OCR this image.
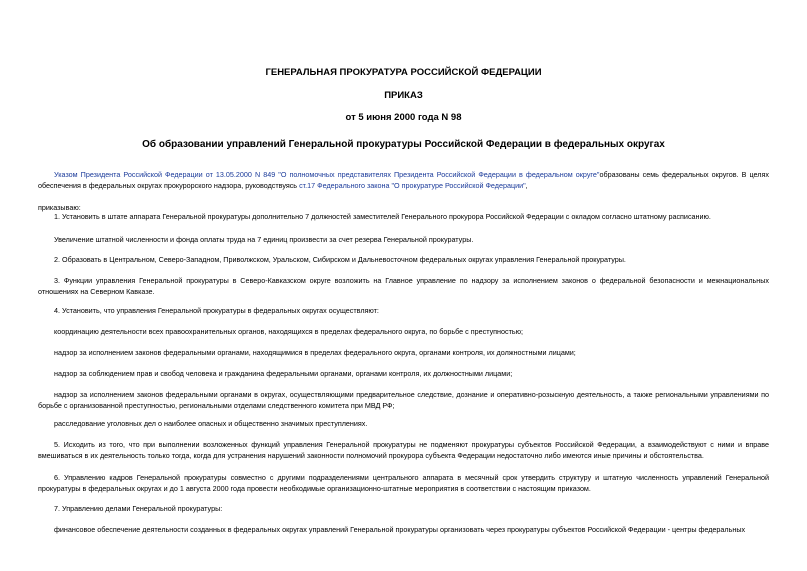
ГЕНЕРАЛЬНАЯ ПРОКУРАТУРА РОССИЙСКОЙ ФЕДЕРАЦИИ
ПРИКАЗ
от 5 июня 2000 года N 98
Об образовании управлений Генеральной прокуратуры Российской Федерации в федеральных округах
Указом Президента Российской Федерации от 13.05.2000 N 849 "О полномочных представителях Президента Российской Федерации в федеральном округе"образованы семь федеральных округов. В целях обеспечения в федеральных округах прокурорского надзора, руководствуясь ст.17 Федерального закона "О прокуратуре Российской Федерации",
приказываю:
1. Установить в штате аппарата Генеральной прокуратуры дополнительно 7 должностей заместителей Генерального прокурора Российской Федерации с окладом согласно штатному расписанию.
Увеличение штатной численности и фонда оплаты труда на 7 единиц произвести за счет резерва Генеральной прокуратуры.
2. Образовать в Центральном, Северо-Западном, Приволжском, Уральском, Сибирском и Дальневосточном федеральных округах управления Генеральной прокуратуры.
3. Функции управления Генеральной прокуратуры в Северо-Кавказском округе возложить на Главное управление по надзору за исполнением законов о федеральной безопасности и межнациональных отношениях на Северном Кавказе.
4. Установить, что управления Генеральной прокуратуры в федеральных округах осуществляют:
координацию деятельности всех правоохранительных органов, находящихся в пределах федерального округа, по борьбе с преступностью;
надзор за исполнением законов федеральными органами, находящимися в пределах федерального округа, органами контроля, их должностными лицами;
надзор за соблюдением прав и свобод человека и гражданина федеральными органами, органами контроля, их должностными лицами;
надзор за исполнением законов федеральными органами в округах, осуществляющими предварительное следствие, дознание и оперативно-розыскную деятельность, а также региональными управлениями по борьбе с организованной преступностью, региональными отделами следственного комитета при МВД РФ;
расследование уголовных дел о наиболее опасных и общественно значимых преступлениях.
5. Исходить из того, что при выполнении возложенных функций управления Генеральной прокуратуры не подменяют прокуратуры субъектов Российской Федерации, а взаимодействуют с ними и вправе вмешиваться в их деятельность только тогда, когда для устранения нарушений законности полномочий прокурора субъекта Федерации недостаточно либо имеются иные причины и обстоятельства.
6. Управлению кадров Генеральной прокуратуры совместно с другими подразделениями центрального аппарата в месячный срок утвердить структуру и штатную численность управлений Генеральной прокуратуры в федеральных округах и до 1 августа 2000 года провести необходимые организационно-штатные мероприятия в соответствии с настоящим приказом.
7. Управлению делами Генеральной прокуратуры:
финансовое обеспечение деятельности созданных в федеральных округах управлений Генеральной прокуратуры организовать через прокуратуры субъектов Российской Федерации - центры федеральных
